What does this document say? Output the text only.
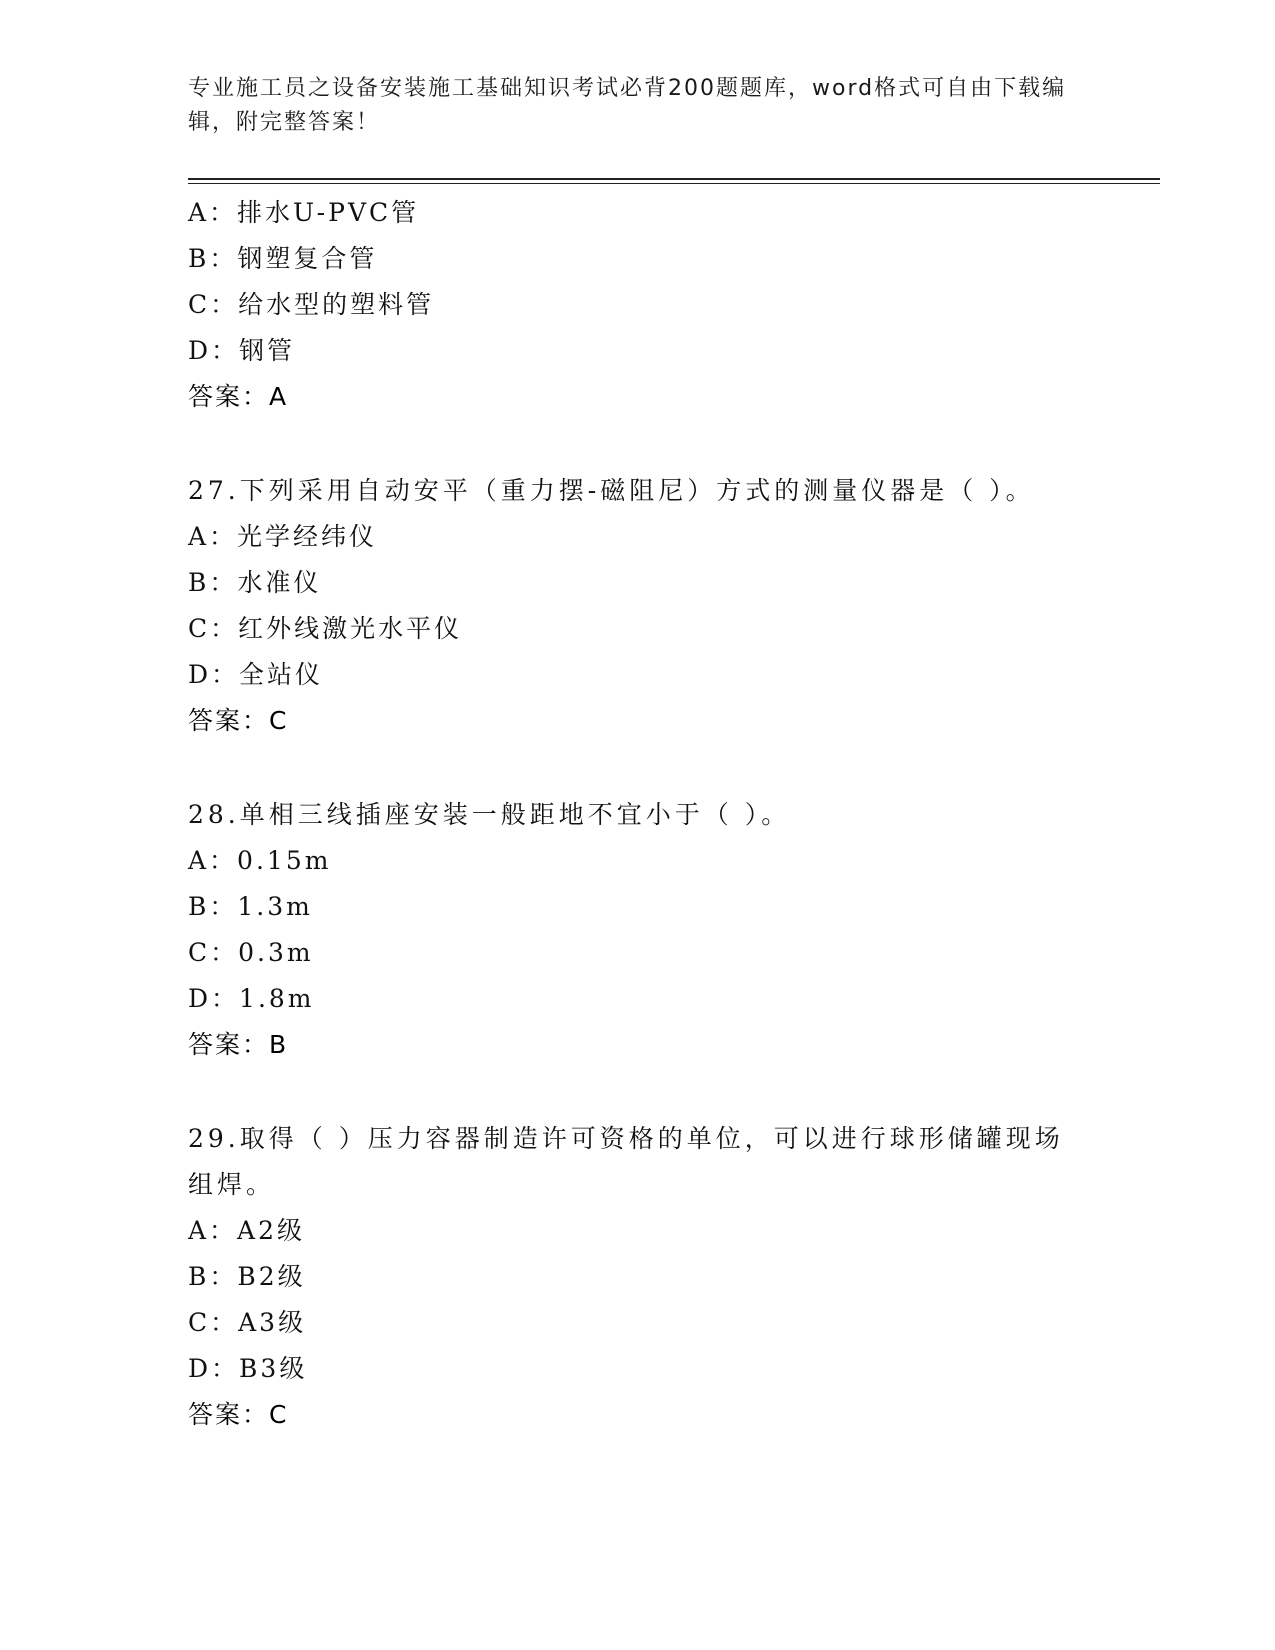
专业施工员之设备安装施工基础知识考试必背200题题库，word格式可自由下载编辑，附完整答案！
A：排水U-PVC管
B：钢塑复合管
C：给水型的塑料管
D：钢管
答案：A
27.下列采用自动安平（重力摆-磁阻尼）方式的测量仪器是（ ）。
A：光学经纬仪
B：水准仪
C：红外线激光水平仪
D：全站仪
答案：C
28.单相三线插座安装一般距地不宜小于（ ）。
A：0.15m
B：1.3m
C：0.3m
D：1.8m
答案：B
29.取得（ ）压力容器制造许可资格的单位，可以进行球形储罐现场组焊。
A：A2级
B：B2级
C：A3级
D：B3级
答案：C
